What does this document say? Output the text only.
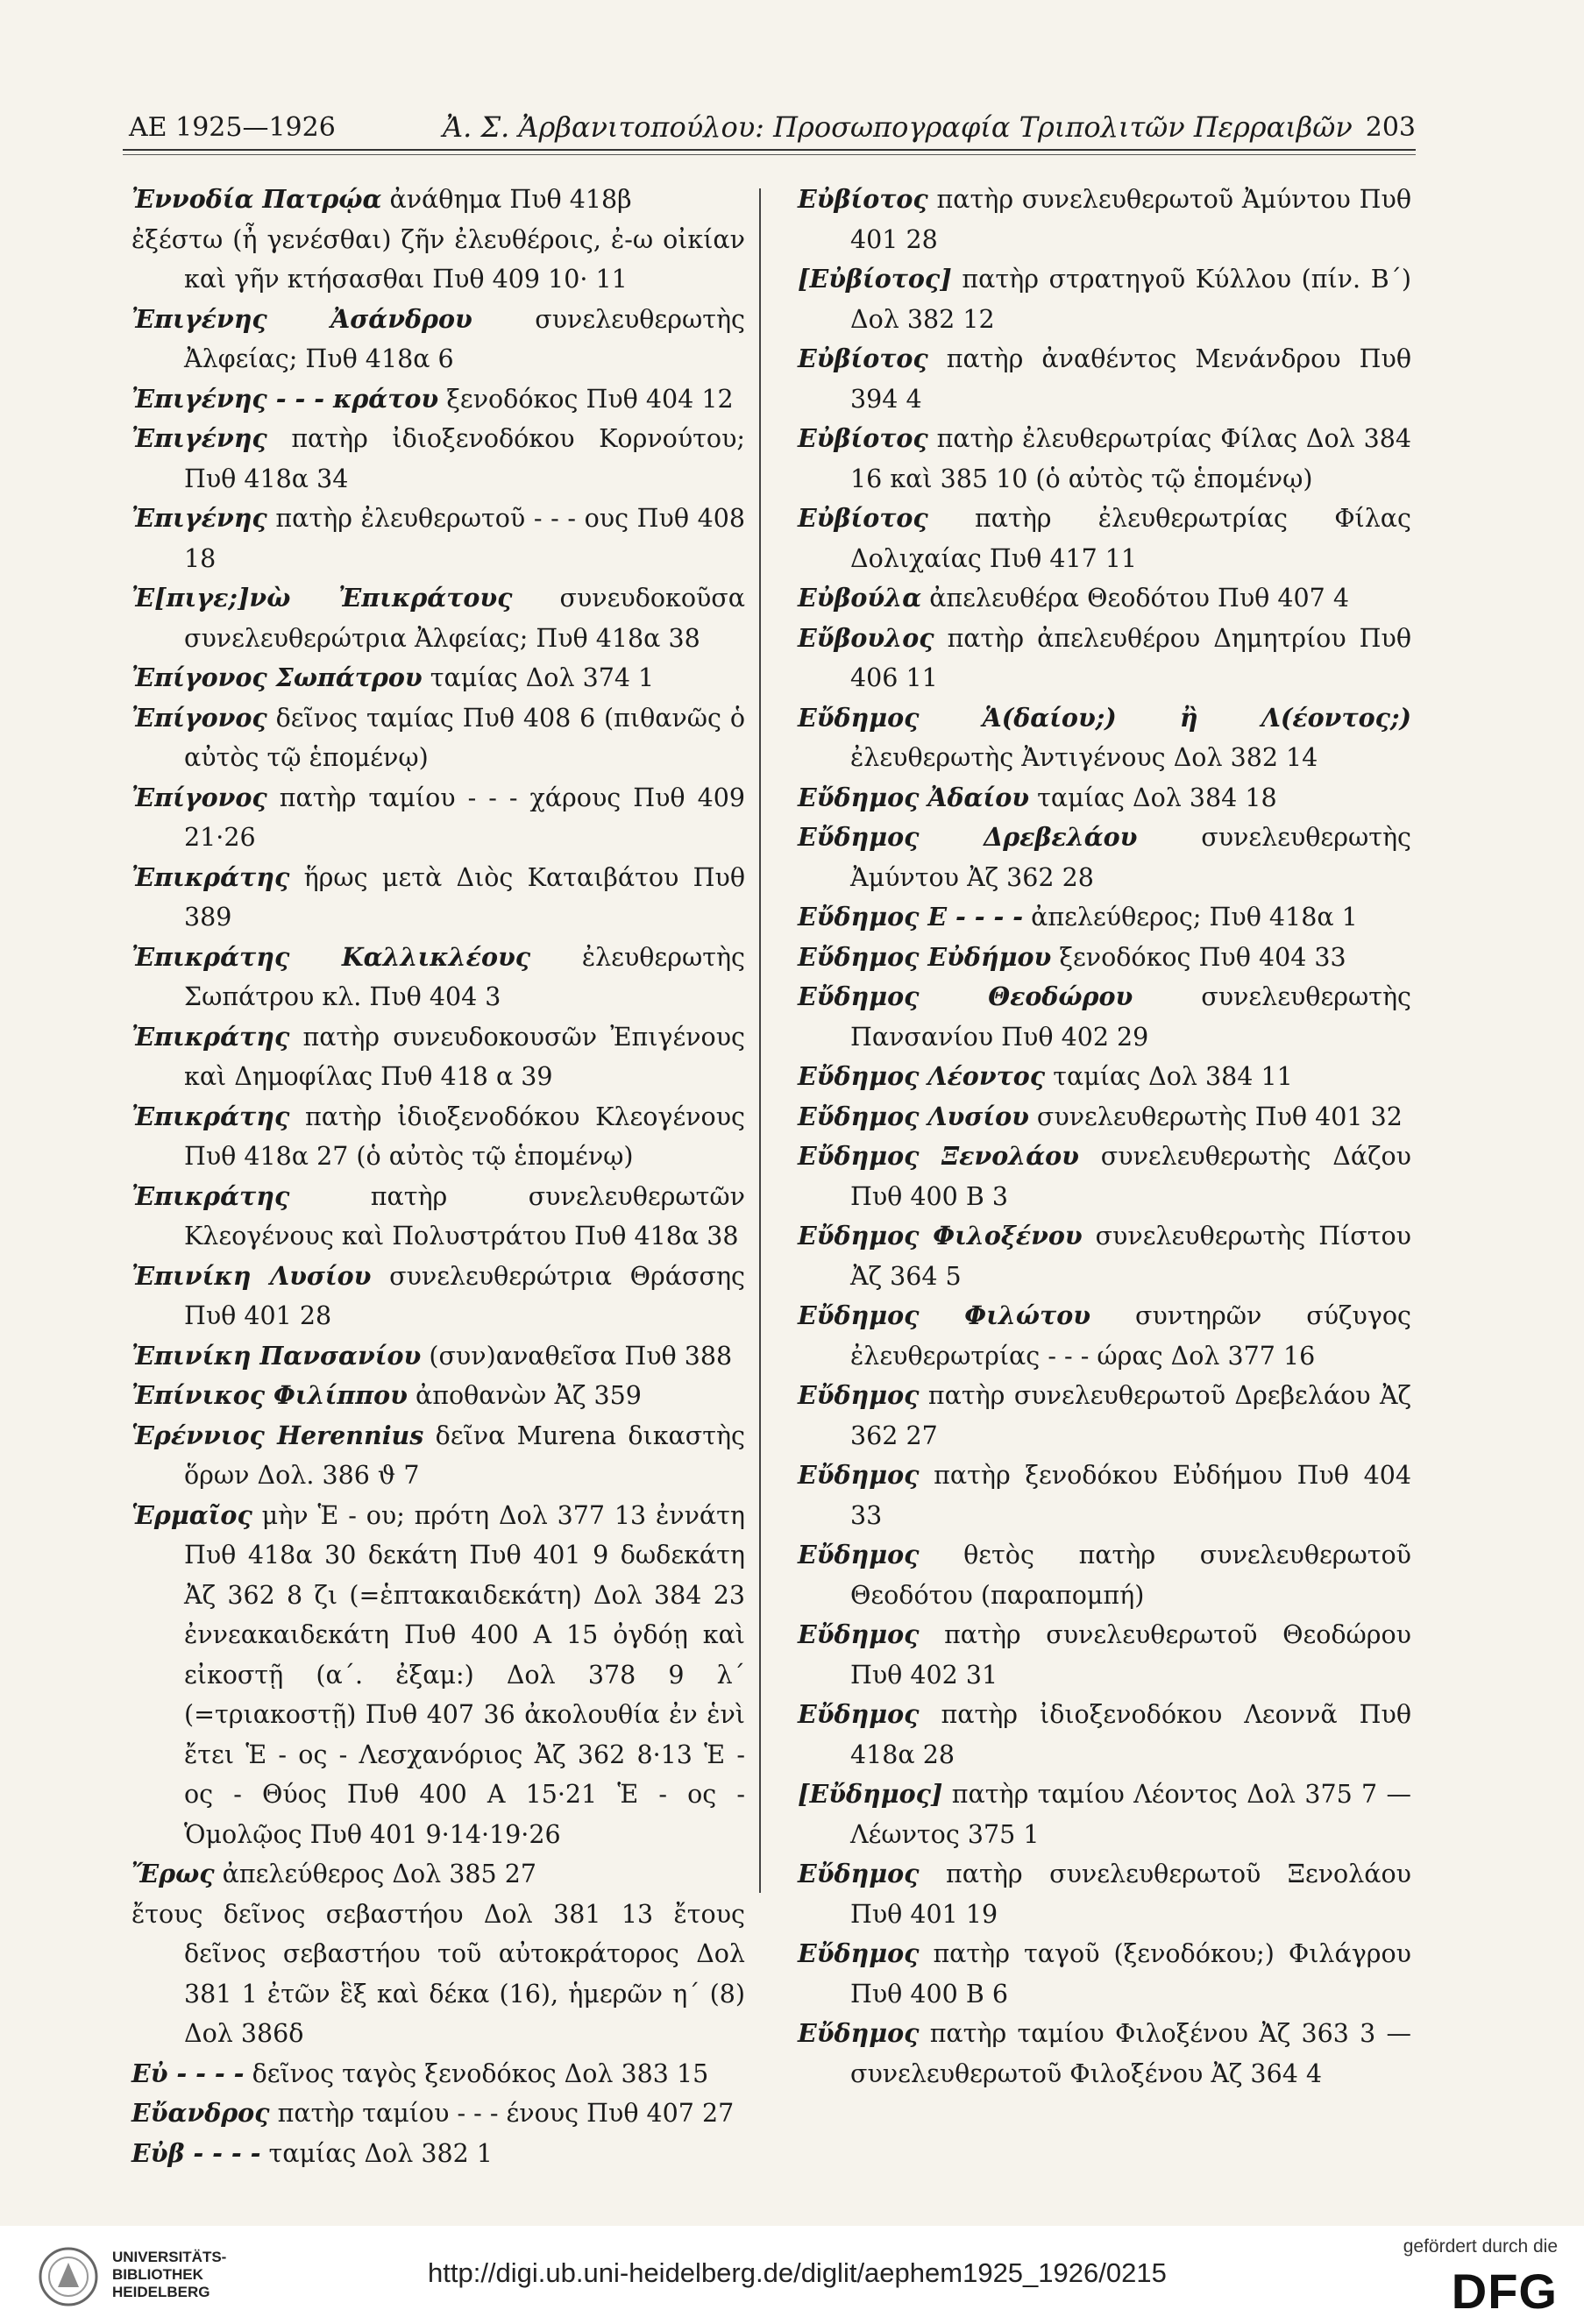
ΑΕ 1925—1926	Ἀ. Σ. Ἀρβανιτοπούλου: Προσωπογραφία Τριπολιτῶν Περραιβῶν 203

Ἐννοδία Πατρῴα ἀνάθημα Πυθ 418β

ἐξέστω (ἦ γενέσθαι) ζῆν ἐλευθέροις, ἐ-ω οἰκίαν καὶ γῆν κτήσασθαι Πυθ 409 10· 11

Ἐπιγένης Ἀσάνδρου	συνελευθερωτὴς Ἀλφείας; Πυθ 418α 6

Ἐπιγένης - - - κράτου ξενοδόκος Πυθ 404 12

Ἐπιγένης πατὴρ ἰδιοξενοδόκου Κορνούτου; Πυθ 418α 34

Ἐπιγένης πατὴρ ἐλευθερωτοῦ - - - ους Πυθ 408 18

Ἐ[πιγε;]νὼ Ἐπικράτους συνευδοκοῦσα συνελευθερώτρια Ἀλφείας; Πυθ 418α 38

Ἐπίγονος Σωπάτρου ταμίας Δολ 374 1

Ἐπίγονος δεῖνος ταμίας Πυθ 408 6 (πιθανῶς ὁ αὐτὸς τῷ ἑπομένῳ)

Ἐπίγονος πατὴρ ταμίου - - - χάρους Πυθ 409 21·26

Ἐπικράτης ἥρως μετὰ Διὸς Καταιβάτου Πυθ 389

Ἐπικράτης Καλλικλέους ἐλευθερωτὴς Σωπάτρου κλ. Πυθ 404 3

Ἐπικράτης πατὴρ συνευδοκουσῶν Ἐπιγένους καὶ Δημοφίλας Πυθ 418 α 39

Ἐπικράτης πατὴρ ἰδιοξενοδόκου Κλεογένους Πυθ 418α 27 (ὁ αὐτὸς τῷ ἑπομένῳ)

Ἐπικράτης	πατὴρ συνελευθερωτῶν Κλεογένους καὶ Πολυστράτου Πυθ 418α 38

Ἐπινίκη Λυσίου συνελευθερώτρια Θράσσης Πυθ 401 28

Ἐπινίκη Πανσανίου (συν)αναθεῖσα Πυθ 388

Ἐπίνικος Φιλίππου ἀποθανὼν Ἀζ 359

Ἑρέννιος Herennius δεῖνα Murena δικαστὴς ὅρων Δολ. 386 ϑ 7

Ἑρμαῖος μὴν Ἑ - ου; πρότη Δολ 377 13 ἐννάτη Πυθ 418α 30 δεκάτη Πυθ 401 9 δωδεκάτη Ἀζ 362 8 ζι (=ἑπτακαιδεκάτη) Δολ 384 23 ἐννεακαιδεκάτη Πυθ 400 Α 15 ὀγδόῃ καὶ εἰκοστῇ (α΄. ἐξαμ:) Δολ 378 9 λ΄ (=τριακοστῇ) Πυθ 407 36 ἀκολουθία ἐν ἑνὶ ἔτει Ἑ - ος - Λεσχανόριος Ἀζ 362 8·13 Ἑ - ος - Θύος Πυθ 400 Α 15·21 Ἑ - ος - Ὁμολῷος Πυθ 401 9·14·19·26

Ἔρως ἀπελεύθερος Δολ 385 27

ἔτους δεῖνος σεβαστήου Δολ 381 13 ἔτους δεῖνος σεβαστήου τοῦ αὐτοκράτορος Δολ 381 1 ἐτῶν ἓξ καὶ δέκα (16), ἡμερῶν η΄ (8) Δολ 386δ

Εὐ - - - - δεῖνος ταγὸς ξενοδόκος Δολ 383 15

Εὔανδρος πατὴρ ταμίου - - - ένους Πυθ 407 27

Εὐβ - - - - ταμίας Δολ 382 1

Εὐβίοτος πατὴρ συνελευθερωτοῦ Ἀμύντου Πυθ 401 28

[Εὐβίοτος] πατὴρ στρατηγοῦ Κύλλου (πίν. Β΄) Δολ 382 12

Εὐβίοτος πατὴρ ἀναθέντος Μενάνδρου Πυθ 394 4

Εὐβίοτος πατὴρ ἐλευθερωτρίας Φίλας Δολ 384 16 καὶ 385 10 (ὁ αὐτὸς τῷ ἑπομένῳ)

Εὐβίοτος πατὴρ ἐλευθερωτρίας Φίλας Δολιχαίας Πυθ 417 11

Εὐβούλα ἀπελευθέρα Θεοδότου Πυθ 407 4

Εὔβουλος πατὴρ ἀπελευθέρου Δημητρίου Πυθ 406 11

Εὔδημος Ἁ(δαίου;) ἢ Λ(έοντος;) ἐλευθερωτὴς Ἀντιγένους Δολ 382 14

Εὔδημος Ἀδαίου ταμίας Δολ 384 18

Εὔδημος Δρεβελάου	συνελευθερωτὴς Ἀμύντου Ἀζ 362 28

Εὔδημος Ε - - - - ἀπελεύθερος; Πυθ 418α 1

Εὔδημος Εὐδήμου ξενοδόκος Πυθ 404 33

Εὔδημος Θεοδώρου	συνελευθερωτὴς Πανσανίου Πυθ 402 29

Εὔδημος Λέοντος ταμίας Δολ 384 11

Εὔδημος Λυσίου συνελευθερωτὴς Πυθ 401 32

Εὔδημος Ξενολάου συνελευθερωτὴς Δάζου Πυθ 400 Β 3

Εὔδημος Φιλοξένου συνελευθερωτὴς Πίστου Ἀζ 364 5

Εὔδημος Φιλώτου συντηρῶν σύζυγος ἐλευθερωτρίας - - - ώρας Δολ 377 16

Εὔδημος πατὴρ συνελευθερωτοῦ Δρεβελάου Ἀζ 362 27

Εὔδημος πατὴρ ξενοδόκου Εὐδήμου Πυθ 404 33

Εὔδημος θετὸς πατὴρ συνελευθερωτοῦ Θεοδότου (παραπομπή)

Εὔδημος πατὴρ συνελευθερωτοῦ Θεοδώρου Πυθ 402 31

Εὔδημος πατὴρ ἰδιοξενοδόκου Λεοννᾶ Πυθ 418α 28

[Εὔδημος] πατὴρ ταμίου Λέοντος Δολ 375 7 — Λέωντος 375 1

Εὔδημος πατὴρ συνελευθερωτοῦ Ξενολάου Πυθ 401 19

Εὔδημος πατὴρ ταγοῦ (ξενοδόκου;) Φιλάγρου Πυθ 400 Β 6

Εὔδημος πατὴρ ταμίου Φιλοξένου Ἀζ 363 3 — συνελευθερωτοῦ Φιλοξένου Ἀζ 364 4

UNIVERSITÄTS-
BIBLIOTHEK
HEIDELBERG
http://digi.ub.uni-heidelberg.de/diglit/aephem1925_1926/0215
gefördert durch die
DFG
